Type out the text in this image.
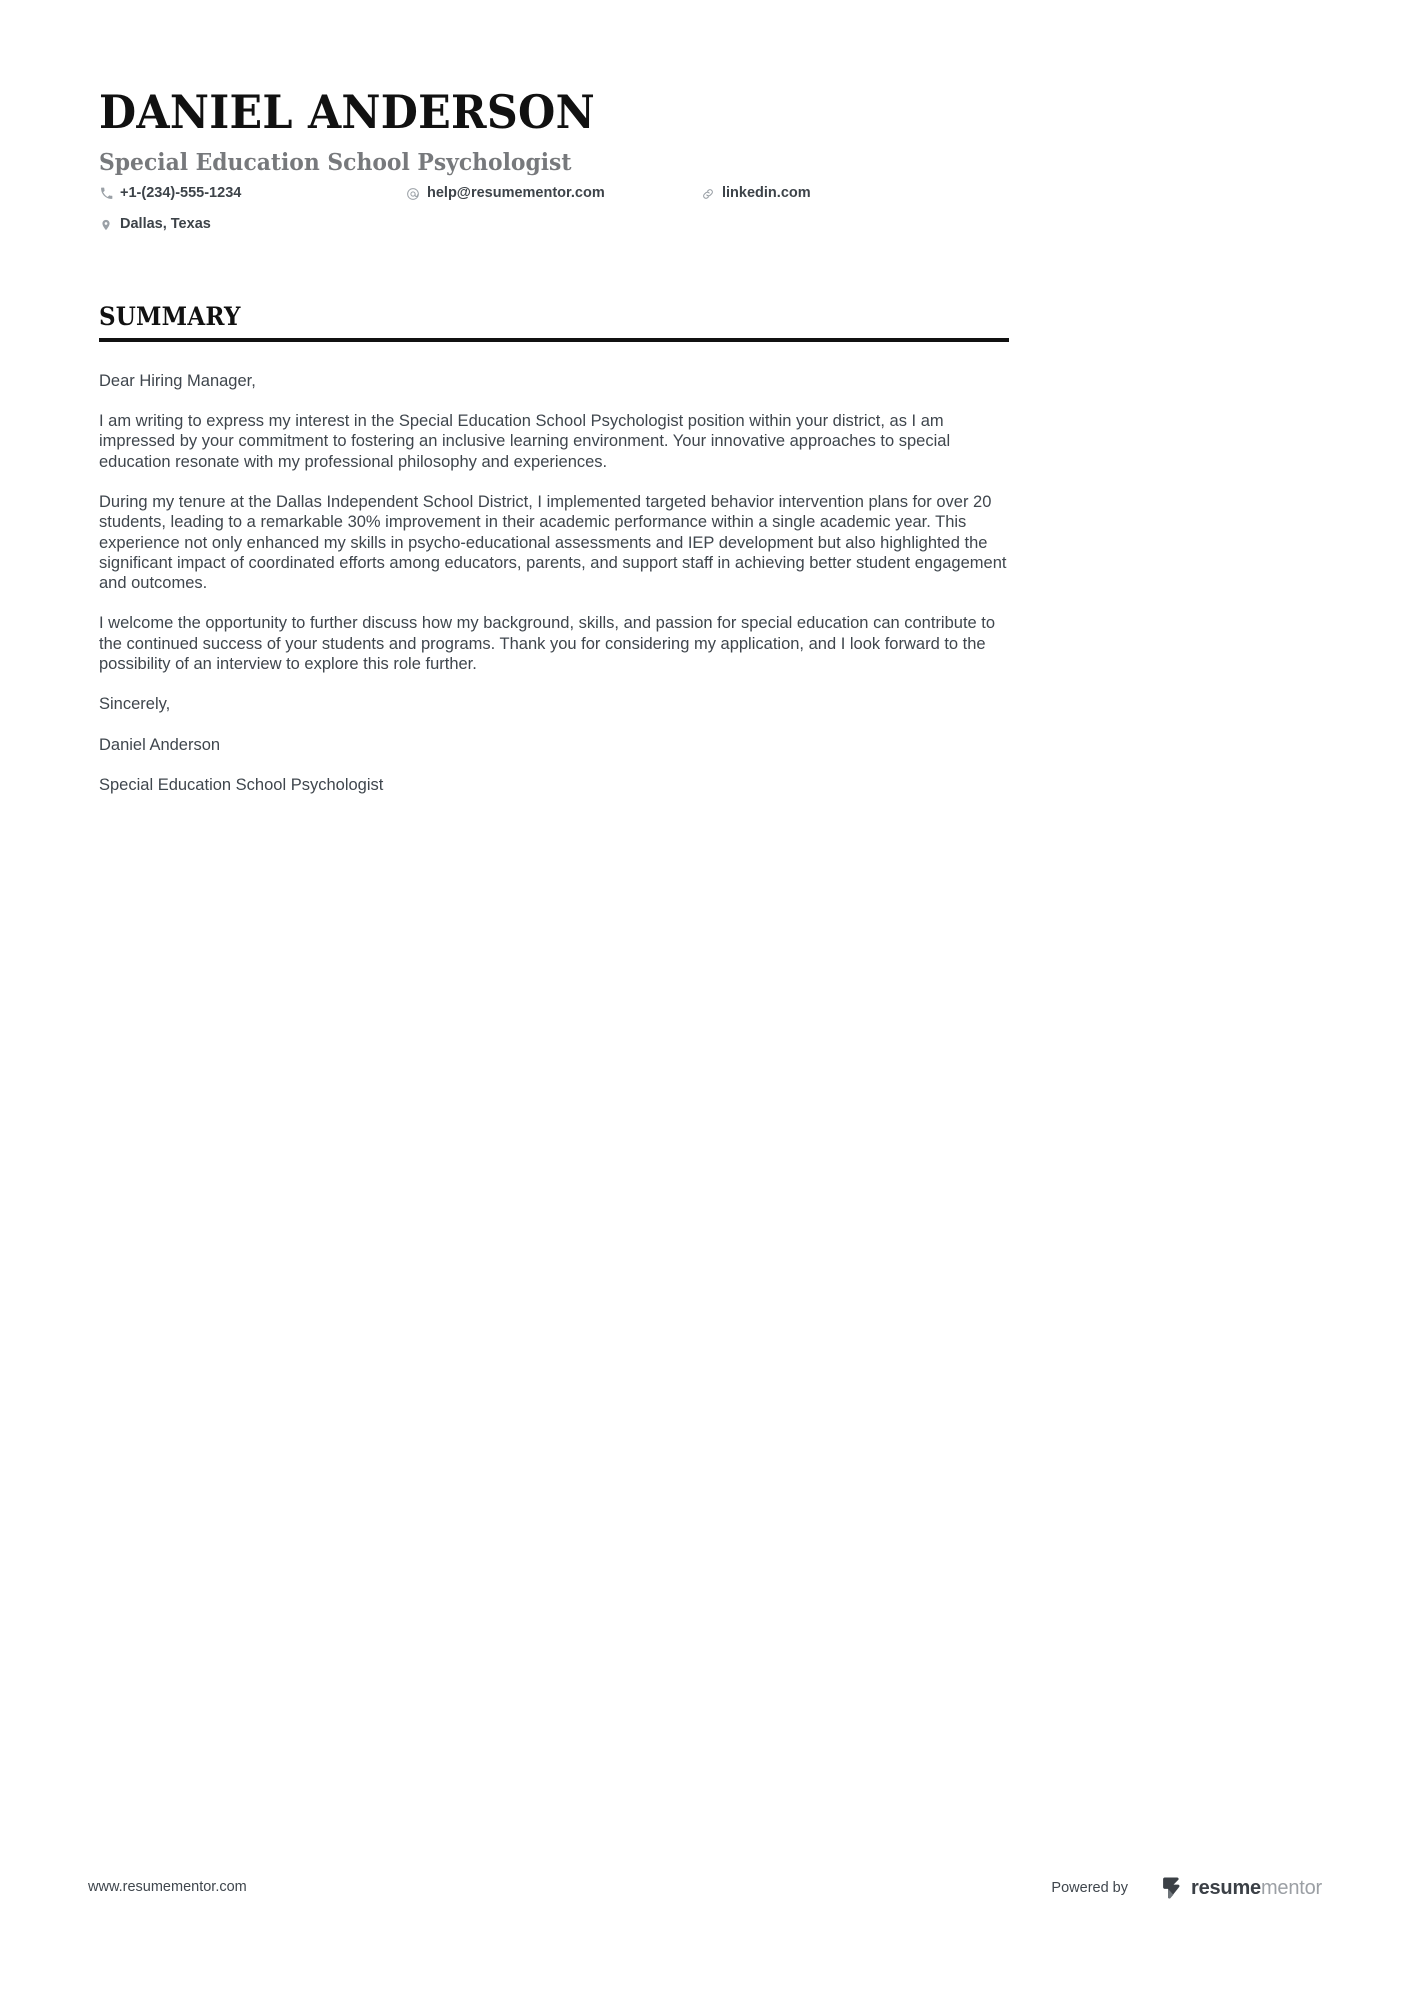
DANIEL ANDERSON
Special Education School Psychologist
+1-(234)-555-1234	help@resumementor.com	linkedin.com
Dallas, Texas
SUMMARY

Dear Hiring Manager,

I am writing to express my interest in the Special Education School Psychologist position within your district, as I am impressed by your commitment to fostering an inclusive learning environment. Your innovative approaches to special education resonate with my professional philosophy and experiences.

During my tenure at the Dallas Independent School District, I implemented targeted behavior intervention plans for over 20 students, leading to a remarkable 30% improvement in their academic performance within a single academic year. This experience not only enhanced my skills in psycho-educational assessments and IEP development but also highlighted the significant impact of coordinated efforts among educators, parents, and support staff in achieving better student engagement and outcomes.

I welcome the opportunity to further discuss how my background, skills, and passion for special education can contribute to the continued success of your students and programs. Thank you for considering my application, and I look forward to the possibility of an interview to explore this role further.

Sincerely,

Daniel Anderson

Special Education School Psychologist

www.resumementor.com	Powered by	resumementor
